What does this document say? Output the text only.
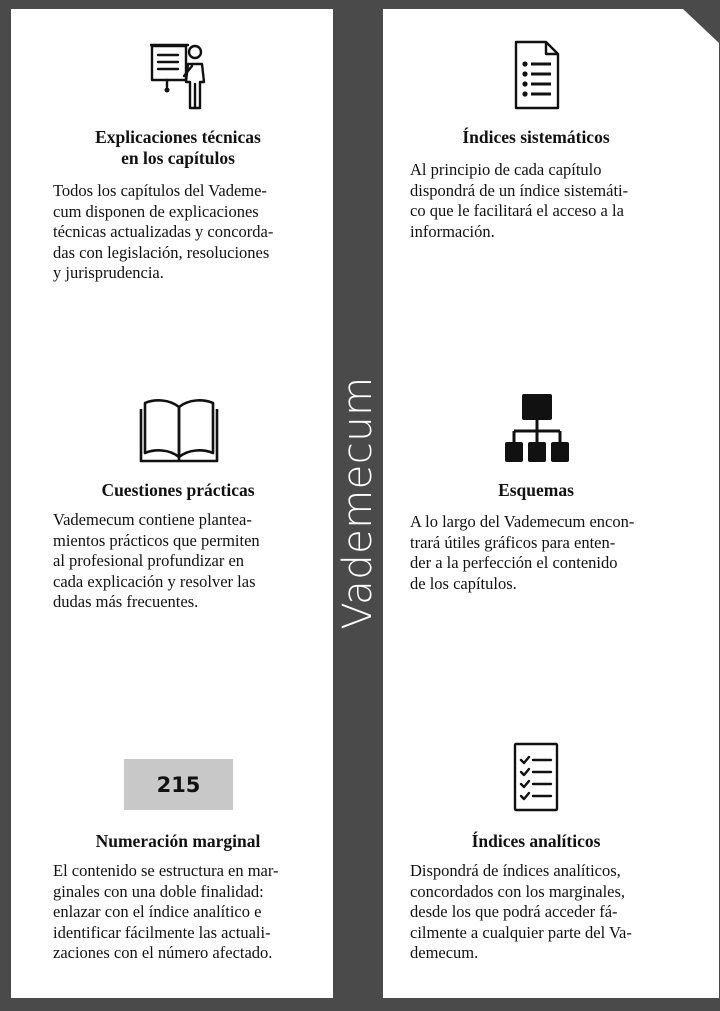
Vademecum
Explicaciones técnicas
en los capítulos

Todos los capítulos del Vademe-
cum disponen de explicaciones
técnicas actualizadas y concorda-
das con legislación, resoluciones
y jurisprudencia.

Índices sistemáticos

Al principio de cada capítulo
dispondrá de un índice sistemáti-
co que le facilitará el acceso a la
información.

Cuestiones prácticas

Vademecum contiene plantea-
mientos prácticos que permiten
al profesional profundizar en
cada explicación y resolver las
dudas más frecuentes.

Esquemas

A lo largo del Vademecum encon-
trará útiles gráficos para enten-
der a la perfección el contenido
de los capítulos.

215
Numeración marginal

El contenido se estructura en mar-
ginales con una doble finalidad:
enlazar con el índice analítico e
identificar fácilmente las actuali-
zaciones con el número afectado.

Índices analíticos

Dispondrá de índices analíticos,
concordados con los marginales,
desde los que podrá acceder fá-
cilmente a cualquier parte del Va-
demecum.
